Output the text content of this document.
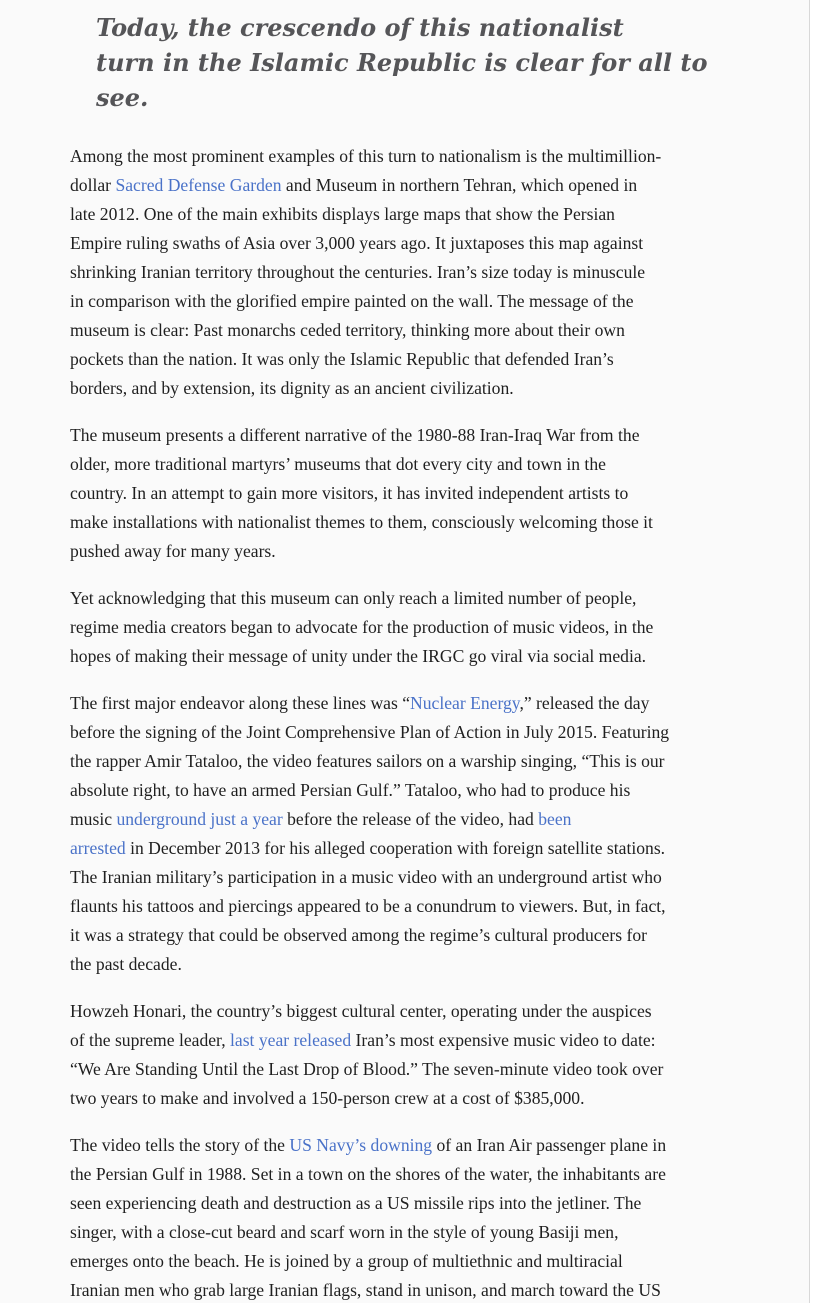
Today, the crescendo of this nationalist
turn in the Islamic Republic is clear for all to
see.

Among the most prominent examples of this turn to nationalism is the multimillion-
dollar Sacred Defense Garden and Museum in northern Tehran, which opened in
late 2012. One of the main exhibits displays large maps that show the Persian
Empire ruling swaths of Asia over 3,000 years ago. It juxtaposes this map against
shrinking Iranian territory throughout the centuries. Iran’s size today is minuscule
in comparison with the glorified empire painted on the wall. The message of the
museum is clear: Past monarchs ceded territory, thinking more about their own
pockets than the nation. It was only the Islamic Republic that defended Iran’s
borders, and by extension, its dignity as an ancient civilization.

The museum presents a different narrative of the 1980-88 Iran-Iraq War from the
older, more traditional martyrs’ museums that dot every city and town in the
country. In an attempt to gain more visitors, it has invited independent artists to
make installations with nationalist themes to them, consciously welcoming those it
pushed away for many years.

Yet acknowledging that this museum can only reach a limited number of people,
regime media creators began to advocate for the production of music videos, in the
hopes of making their message of unity under the IRGC go viral via social media.

The first major endeavor along these lines was “Nuclear Energy,” released the day
before the signing of the Joint Comprehensive Plan of Action in July 2015. Featuring
the rapper Amir Tataloo, the video features sailors on a warship singing, “This is our
absolute right, to have an armed Persian Gulf.” Tataloo, who had to produce his
music underground just a year before the release of the video, had been
arrested in December 2013 for his alleged cooperation with foreign satellite stations.
The Iranian military’s participation in a music video with an underground artist who
flaunts his tattoos and piercings appeared to be a conundrum to viewers. But, in fact,
it was a strategy that could be observed among the regime’s cultural producers for
the past decade.

Howzeh Honari, the country’s biggest cultural center, operating under the auspices
of the supreme leader, last year released Iran’s most expensive music video to date:
“We Are Standing Until the Last Drop of Blood.” The seven-minute video took over
two years to make and involved a 150-person crew at a cost of $385,000.

The video tells the story of the US Navy’s downing of an Iran Air passenger plane in
the Persian Gulf in 1988. Set in a town on the shores of the water, the inhabitants are
seen experiencing death and destruction as a US missile rips into the jetliner. The
singer, with a close-cut beard and scarf worn in the style of young Basiji men,
emerges onto the beach. He is joined by a group of multiethnic and multiracial
Iranian men who grab large Iranian flags, stand in unison, and march toward the US
